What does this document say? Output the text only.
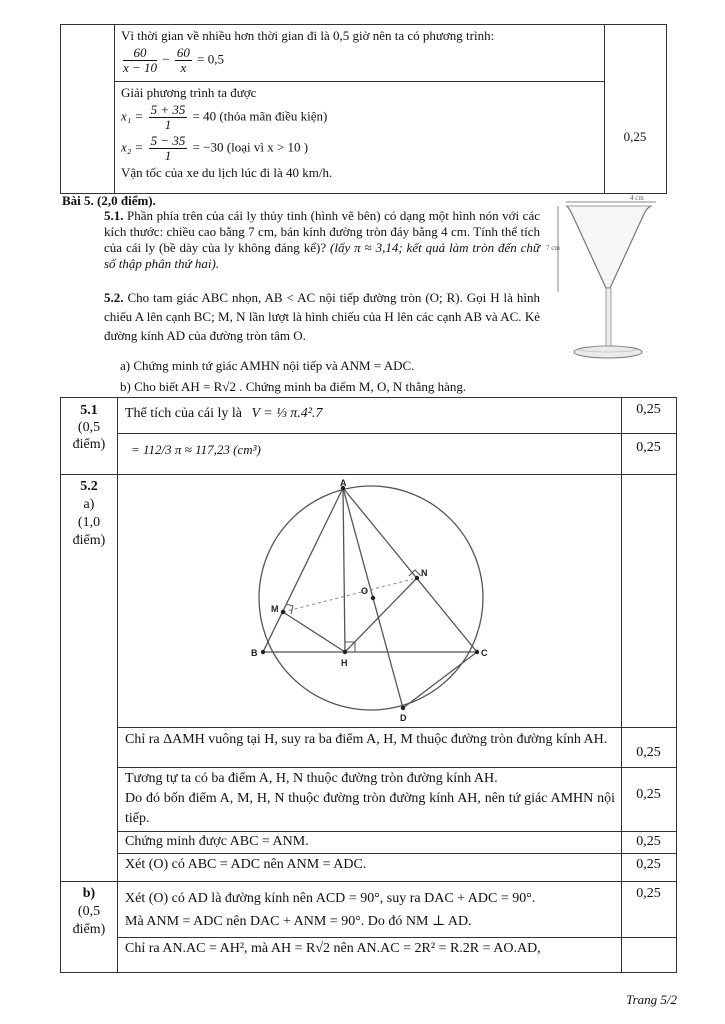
Vì thời gian về nhiều hơn thời gian đi là 0,5 giờ nên ta có phương trình:

$\frac{60}{x - 10} - \frac{60}{x} = 0,5$

Giải phương trình ta được

$x_1 = \frac{5 + 35}{1} = 40$ (thỏa mãn điều kiện)
$x_2 = \frac{5 - 35}{1} = -30$ (loại vì x > 10 )

Vận tốc của xe du lịch lúc đi là 40 km/h.

0,25
Bài 5. (2,0 điểm).
5.1. Phần phía trên của cái ly thủy tinh (hình vẽ bên) có dạng một hình nón với các kích thước: chiều cao bằng 7 cm, bán kính đường tròn đáy bằng 4 cm. Tính thể tích của cái ly (bề dày của ly không đáng kể)? (lấy π ≈ 3,14; kết quả làm tròn đến chữ số thập phân thứ hai).
5.2. Cho tam giác ABC nhọn, AB < AC nội tiếp đường tròn (O; R). Gọi H là hình chiếu A lên cạnh BC; M, N lần lượt là hình chiếu của H lên các cạnh AB và AC. Kẻ đường kính AD của đường tròn tâm O.
a) Chứng minh tứ giác AMHN nội tiếp và ANM = ADC.
b) Cho biết AH = R√2 . Chứng minh ba điểm M, O, N thẳng hàng.
4 cm
7 cm
5.1
(0,5
điểm)
Thể tích của cái ly là V = ⅓ π.4².7
= 112/3 π ≈ 117,23 (cm³)
5.2
a)
(1,0
điểm)
A
B	C
H
D
M
N
O
Chỉ ra ΔAMH vuông tại H, suy ra ba điểm A, H, M thuộc đường tròn đường kính AH.
Tương tự ta có ba điểm A, H, N thuộc đường tròn đường kính AH.
Do đó bốn điểm A, M, H, N thuộc đường tròn đường kính AH, nên tứ giác AMHN nội tiếp.
Chứng minh được ABC = ANM.
Xét (O) có ABC = ADC nên ANM = ADC.
b)
(0,5
điểm)
Xét (O) có AD là đường kính nên ACD = 90°, suy ra DAC + ADC = 90°.
Mà ANM = ADC nên DAC + ANM = 90°. Do đó NM ⊥ AD.
Chỉ ra AN.AC = AH², mà AH = R√2 nên AN.AC = 2R² = R.2R = AO.AD,
0,25
0,25
0,25
0,25
0,25
0,25
0,25
Trang 5/2
